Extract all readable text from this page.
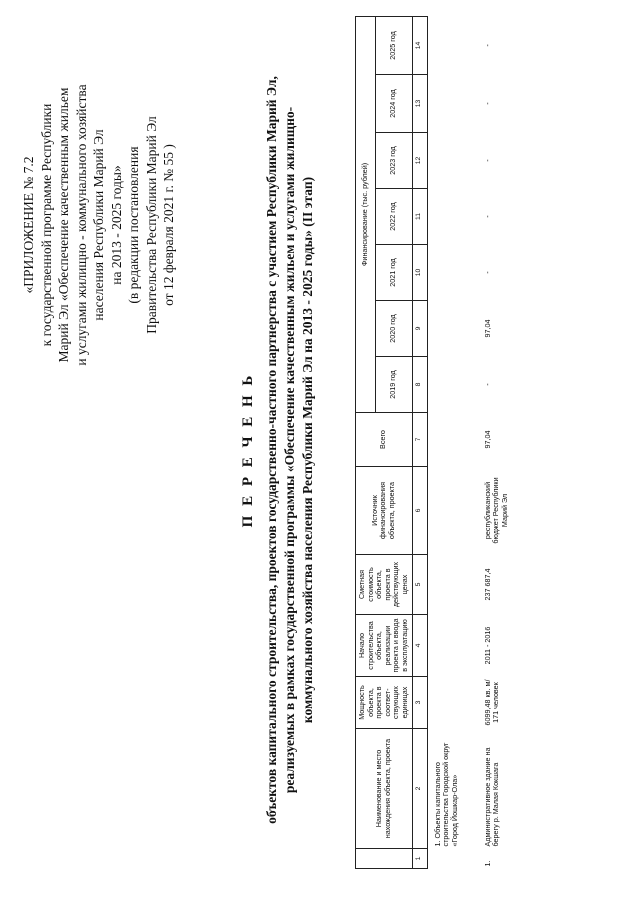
«ПРИЛОЖЕНИЕ № 7.2 к государственной программе Республики Марий Эл «Обеспечение качественным жильем и услугами жилищно - коммунального хозяйства населения Республики Марий Эл на 2013 - 2025 годы» (в редакции постановления Правительства Республики Марий Эл от 12 февраля 2021 г. № 55 )
П Е Р Е Ч Е Н Ь объектов капитального строительства, проектов государственно-частного партнерства с участием Республики Марий Эл, реализуемых в рамках государственной программы «Обеспечение качественным жильем и услугами жилищно- коммунального хозяйства населения Республики Марий Эл на 2013 - 2025 годы» (II этап)
	Наименование и место нахождения объекта, проекта	Мощность объекта, проекта в соответ-ствующих единицах	Начало строительства объекта, реализации проекта и ввода в эксплуатацию	Сметная стоимость объекта, проекта в действующих ценах	Источник финансирования объекта, проекта	Всего	Финансирование (тыс. рублей)						
							2019 год	2020 год	2021 год	2022 год	2023 год	2024 год	2025 год
1	2	3	4	5	6	7	8	9	10	11	12	13	14
	1. Объекты капитального строительства Городской округ «Город Йошкар-Ола»												
1.	Административное здание на берегу р. Малая Кокшага	6099,48 кв. м/ 171 человек	2011 - 2016	237 687,4	республиканский бюджет Республики Марий Эл	97,04	-	97,04	-	-	-	-	-
